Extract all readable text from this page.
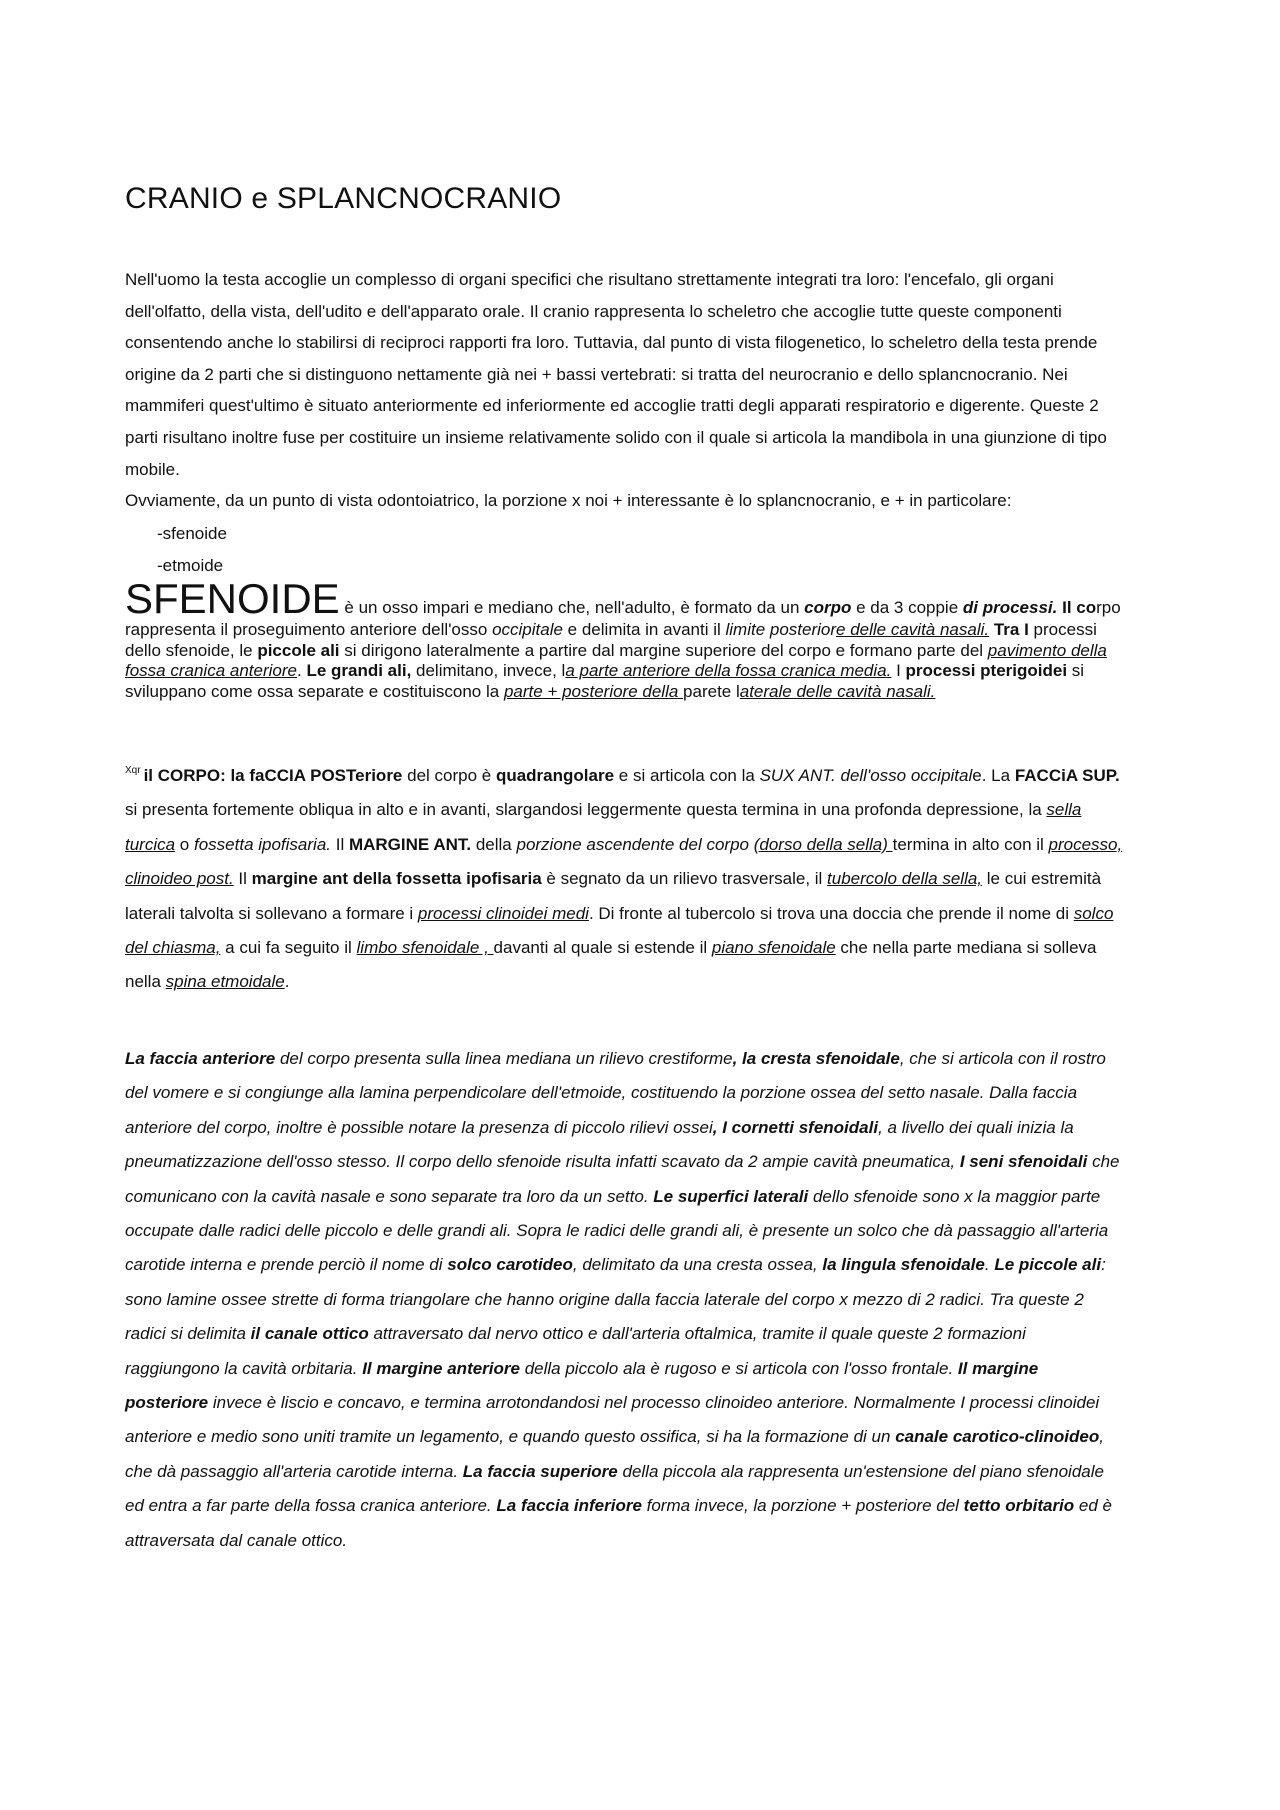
CRANIO e SPLANCNOCRANIO

Nell'uomo la testa accoglie un complesso di organi specifici che risultano strettamente integrati tra loro: l'encefalo, gli organi dell'olfatto, della vista, dell'udito e dell'apparato orale. Il cranio rappresenta lo scheletro che accoglie tutte queste componenti consentendo anche lo stabilirsi di reciproci rapporti fra loro. Tuttavia, dal punto di vista filogenetico, lo scheletro della testa prende origine da 2 parti che si distinguono nettamente già nei + bassi vertebrati: si tratta del neurocranio e dello splancnocranio. Nei mammiferi quest'ultimo è situato anteriormente ed inferiormente ed accoglie tratti degli apparati respiratorio e digerente. Queste 2 parti risultano inoltre fuse per costituire un insieme relativamente solido con il quale si articola la mandibola in una giunzione di tipo mobile.
Ovviamente, da un punto di vista odontoiatrico, la porzione x noi + interessante è lo splancnocranio, e + in particolare:

-sfenoide
-etmoide

SFENOIDE è un osso impari e mediano che, nell'adulto, è formato da un corpo e da 3 coppie di processi. Il corpo rappresenta il proseguimento anteriore dell'osso occipitale e delimita in avanti il limite posteriore delle cavità nasali. Tra I processi dello sfenoide, le piccole ali si dirigono lateralmente a partire dal margine superiore del corpo e formano parte del pavimento della fossa cranica anteriore. Le grandi ali, delimitano, invece, la parte anteriore della fossa cranica media. I processi pterigoidei si sviluppano come ossa separate e costituiscono la parte + posteriore della parete laterale delle cavità nasali.

$^{Xqr}$ il CORPO: la faCCIA POSTeriore del corpo è quadrangolare e si articola con la SUX ANT. dell'osso occipitale. La FACCiA SUP. si presenta fortemente obliqua in alto e in avanti, slargandosi leggermente questa termina in una profonda depressione, la sella turcica o fossetta ipofisaria. Il MARGINE ANT. della porzione ascendente del corpo (dorso della sella) termina in alto con il processo, clinoideo post. Il margine ant della fossetta ipofisaria è segnato da un rilievo trasversale, il tubercolo della sella, le cui estremità laterali talvolta si sollevano a formare i processi clinoidei medi. Di fronte al tubercolo si trova una doccia che prende il nome di solco del chiasma, a cui fa seguito il limbo sfenoidale , davanti al quale si estende il piano sfenoidale che nella parte mediana si solleva nella spina etmoidale.

La faccia anteriore del corpo presenta sulla linea mediana un rilievo crestiforme, la cresta sfenoidale, che si articola con il rostro del vomere e si congiunge alla lamina perpendicolare dell'etmoide, costituendo la porzione ossea del setto nasale. Dalla faccia anteriore del corpo, inoltre è possible notare la presenza di piccolo rilievi ossei, I cornetti sfenoidali, a livello dei quali inizia la pneumatizzazione dell'osso stesso. Il corpo dello sfenoide risulta infatti scavato da 2 ampie cavità pneumatica, I seni sfenoidali che comunicano con la cavità nasale e sono separate tra loro da un setto. Le superfici laterali dello sfenoide sono x la maggior parte occupate dalle radici delle piccolo e delle grandi ali. Sopra le radici delle grandi ali, è presente un solco che dà passaggio all'arteria carotide interna e prende perciò il nome di solco carotideo, delimitato da una cresta ossea, la lingula sfenoidale. Le piccole ali: sono lamine ossee strette di forma triangolare che hanno origine dalla faccia laterale del corpo x mezzo di 2 radici. Tra queste 2 radici si delimita il canale ottico attraversato dal nervo ottico e dall'arteria oftalmica, tramite il quale queste 2 formazioni raggiungono la cavità orbitaria. Il margine anteriore della piccolo ala è rugoso e si articola con l'osso frontale. Il margine posteriore invece è liscio e concavo, e termina arrotondandosi nel processo clinoideo anteriore. Normalmente I processi clinoidei anteriore e medio sono uniti tramite un legamento, e quando questo ossifica, si ha la formazione di un canale carotico-clinoideo, che dà passaggio all'arteria carotide interna. La faccia superiore della piccola ala rappresenta un'estensione del piano sfenoidale ed entra a far parte della fossa cranica anteriore. La faccia inferiore forma invece, la porzione + posteriore del tetto orbitario ed è attraversata dal canale ottico.
